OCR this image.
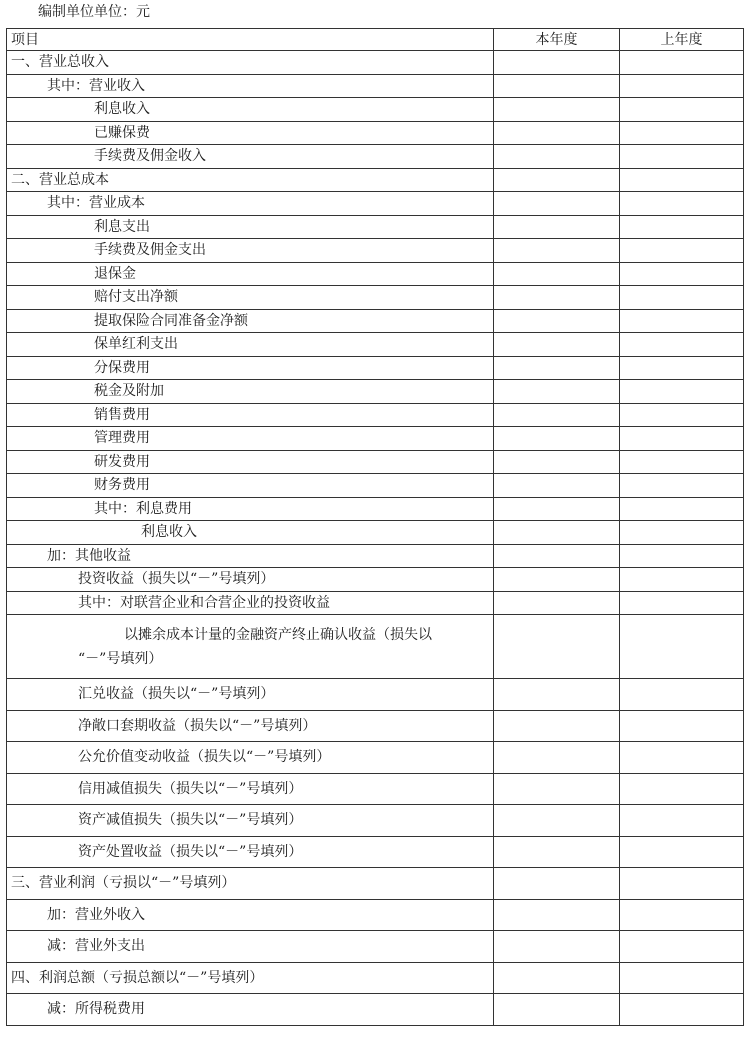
编制单位单位：元
项目	本年度	上年度
一、营业总收入		
其中：营业收入		
利息收入		
已赚保费		
手续费及佣金收入		
二、营业总成本		
其中：营业成本		
利息支出		
手续费及佣金支出		
退保金		
赔付支出净额		
提取保险合同准备金净额		
保单红利支出		
分保费用		
税金及附加		
销售费用		
管理费用		
研发费用		
财务费用		
其中：利息费用		
利息收入		
加：其他收益		
投资收益（损失以“－”号填列）		
其中：对联营企业和合营企业的投资收益		

以摊余成本计量的金融资产终止确认收益（损失以
“－”号填列）		

汇兑收益（损失以“－”号填列）		
净敞口套期收益（损失以“－”号填列）		
公允价值变动收益（损失以“－”号填列）		
信用减值损失（损失以“－”号填列）		
资产减值损失（损失以“－”号填列）		
资产处置收益（损失以“－”号填列）		
三、营业利润（亏损以“－”号填列）		
加：营业外收入		
减：营业外支出		
四、利润总额（亏损总额以“－”号填列）		
减：所得税费用		
